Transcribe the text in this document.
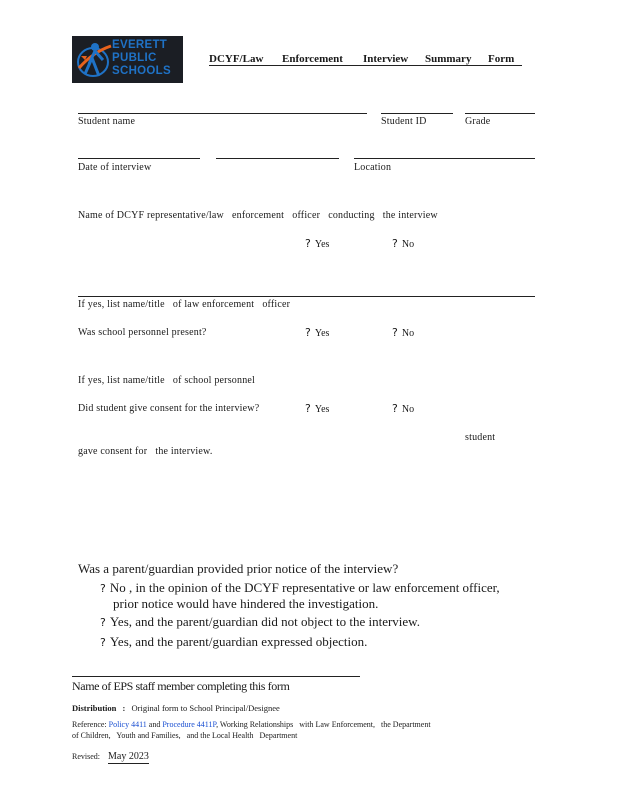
EVERETT
PUBLIC
SCHOOLS
DCYF/Law Enforcement Interview Summary Form
Student name	Student ID	Grade
Date of interview	Location
Name of DCYF representative/law   enforcement   officer   conducting   the interview
? Yes	? No
If yes, list name/title   of law enforcement   officer
Was school personnel present?	? Yes	? No
If yes, list name/title   of school personnel
Did student give consent for the interview?	? Yes	? No
student
gave consent for   the interview.
Was a parent/guardian provided prior notice of the interview?
? No , in the opinion of the DCYF representative or law enforcement officer,
prior notice would have hindered the investigation.
? Yes, and the parent/guardian did not object to the interview.
? Yes, and the parent/guardian expressed objection.
Name of EPS staff member completing this form
Distribution : Original form to School Principal/Designee
Reference: Policy 4411 and Procedure 4411P, Working Relationships   with Law Enforcement,   the Department
of Children,   Youth and Families,   and the Local Health   Department
Revised: May 2023
